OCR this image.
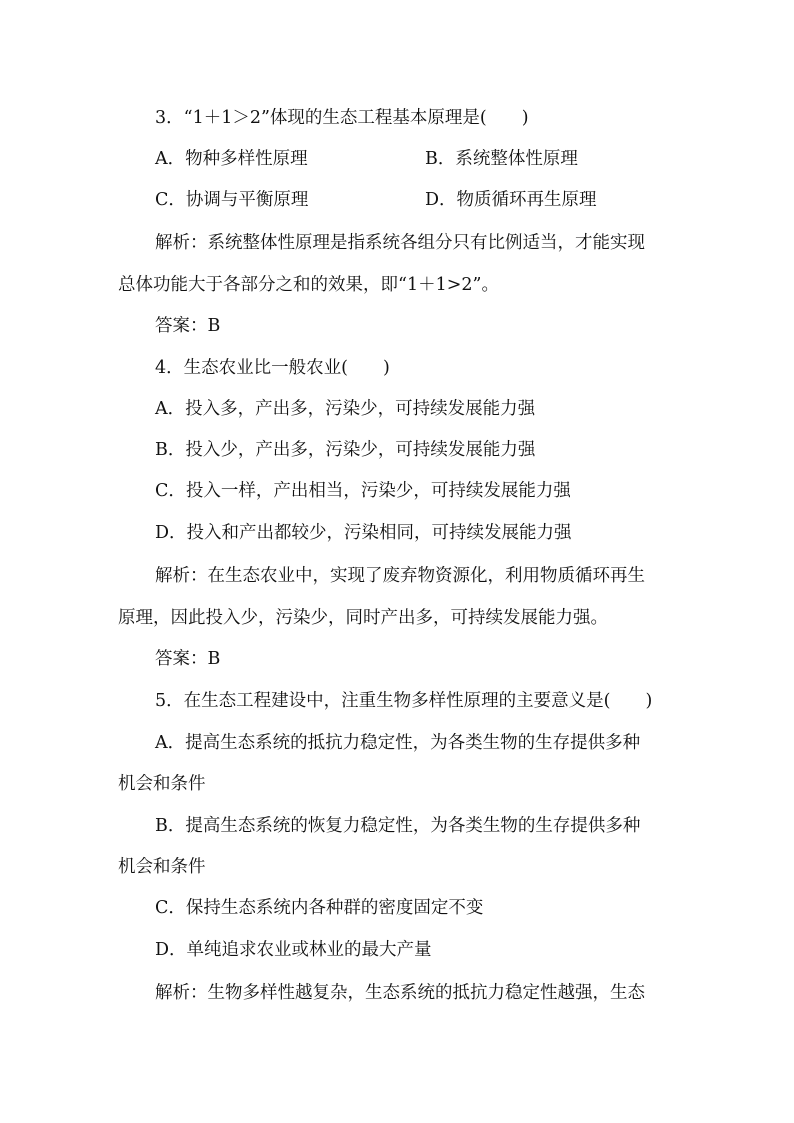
3．“1＋1＞2”体现的生态工程基本原理是(　　)
A．物种多样性原理	B．系统整体性原理
C．协调与平衡原理	D．物质循环再生原理
解析：系统整体性原理是指系统各组分只有比例适当，才能实现
总体功能大于各部分之和的效果，即“1＋1>2”。
答案：B
4．生态农业比一般农业(　　)
A．投入多，产出多，污染少，可持续发展能力强
B．投入少，产出多，污染少，可持续发展能力强
C．投入一样，产出相当，污染少，可持续发展能力强
D．投入和产出都较少，污染相同，可持续发展能力强
解析：在生态农业中，实现了废弃物资源化，利用物质循环再生
原理，因此投入少，污染少，同时产出多，可持续发展能力强。
答案：B
5．在生态工程建设中，注重生物多样性原理的主要意义是(　　)
A．提高生态系统的抵抗力稳定性，为各类生物的生存提供多种
机会和条件
B．提高生态系统的恢复力稳定性，为各类生物的生存提供多种
机会和条件
C．保持生态系统内各种群的密度固定不变
D．单纯追求农业或林业的最大产量
解析：生物多样性越复杂，生态系统的抵抗力稳定性越强，生态
